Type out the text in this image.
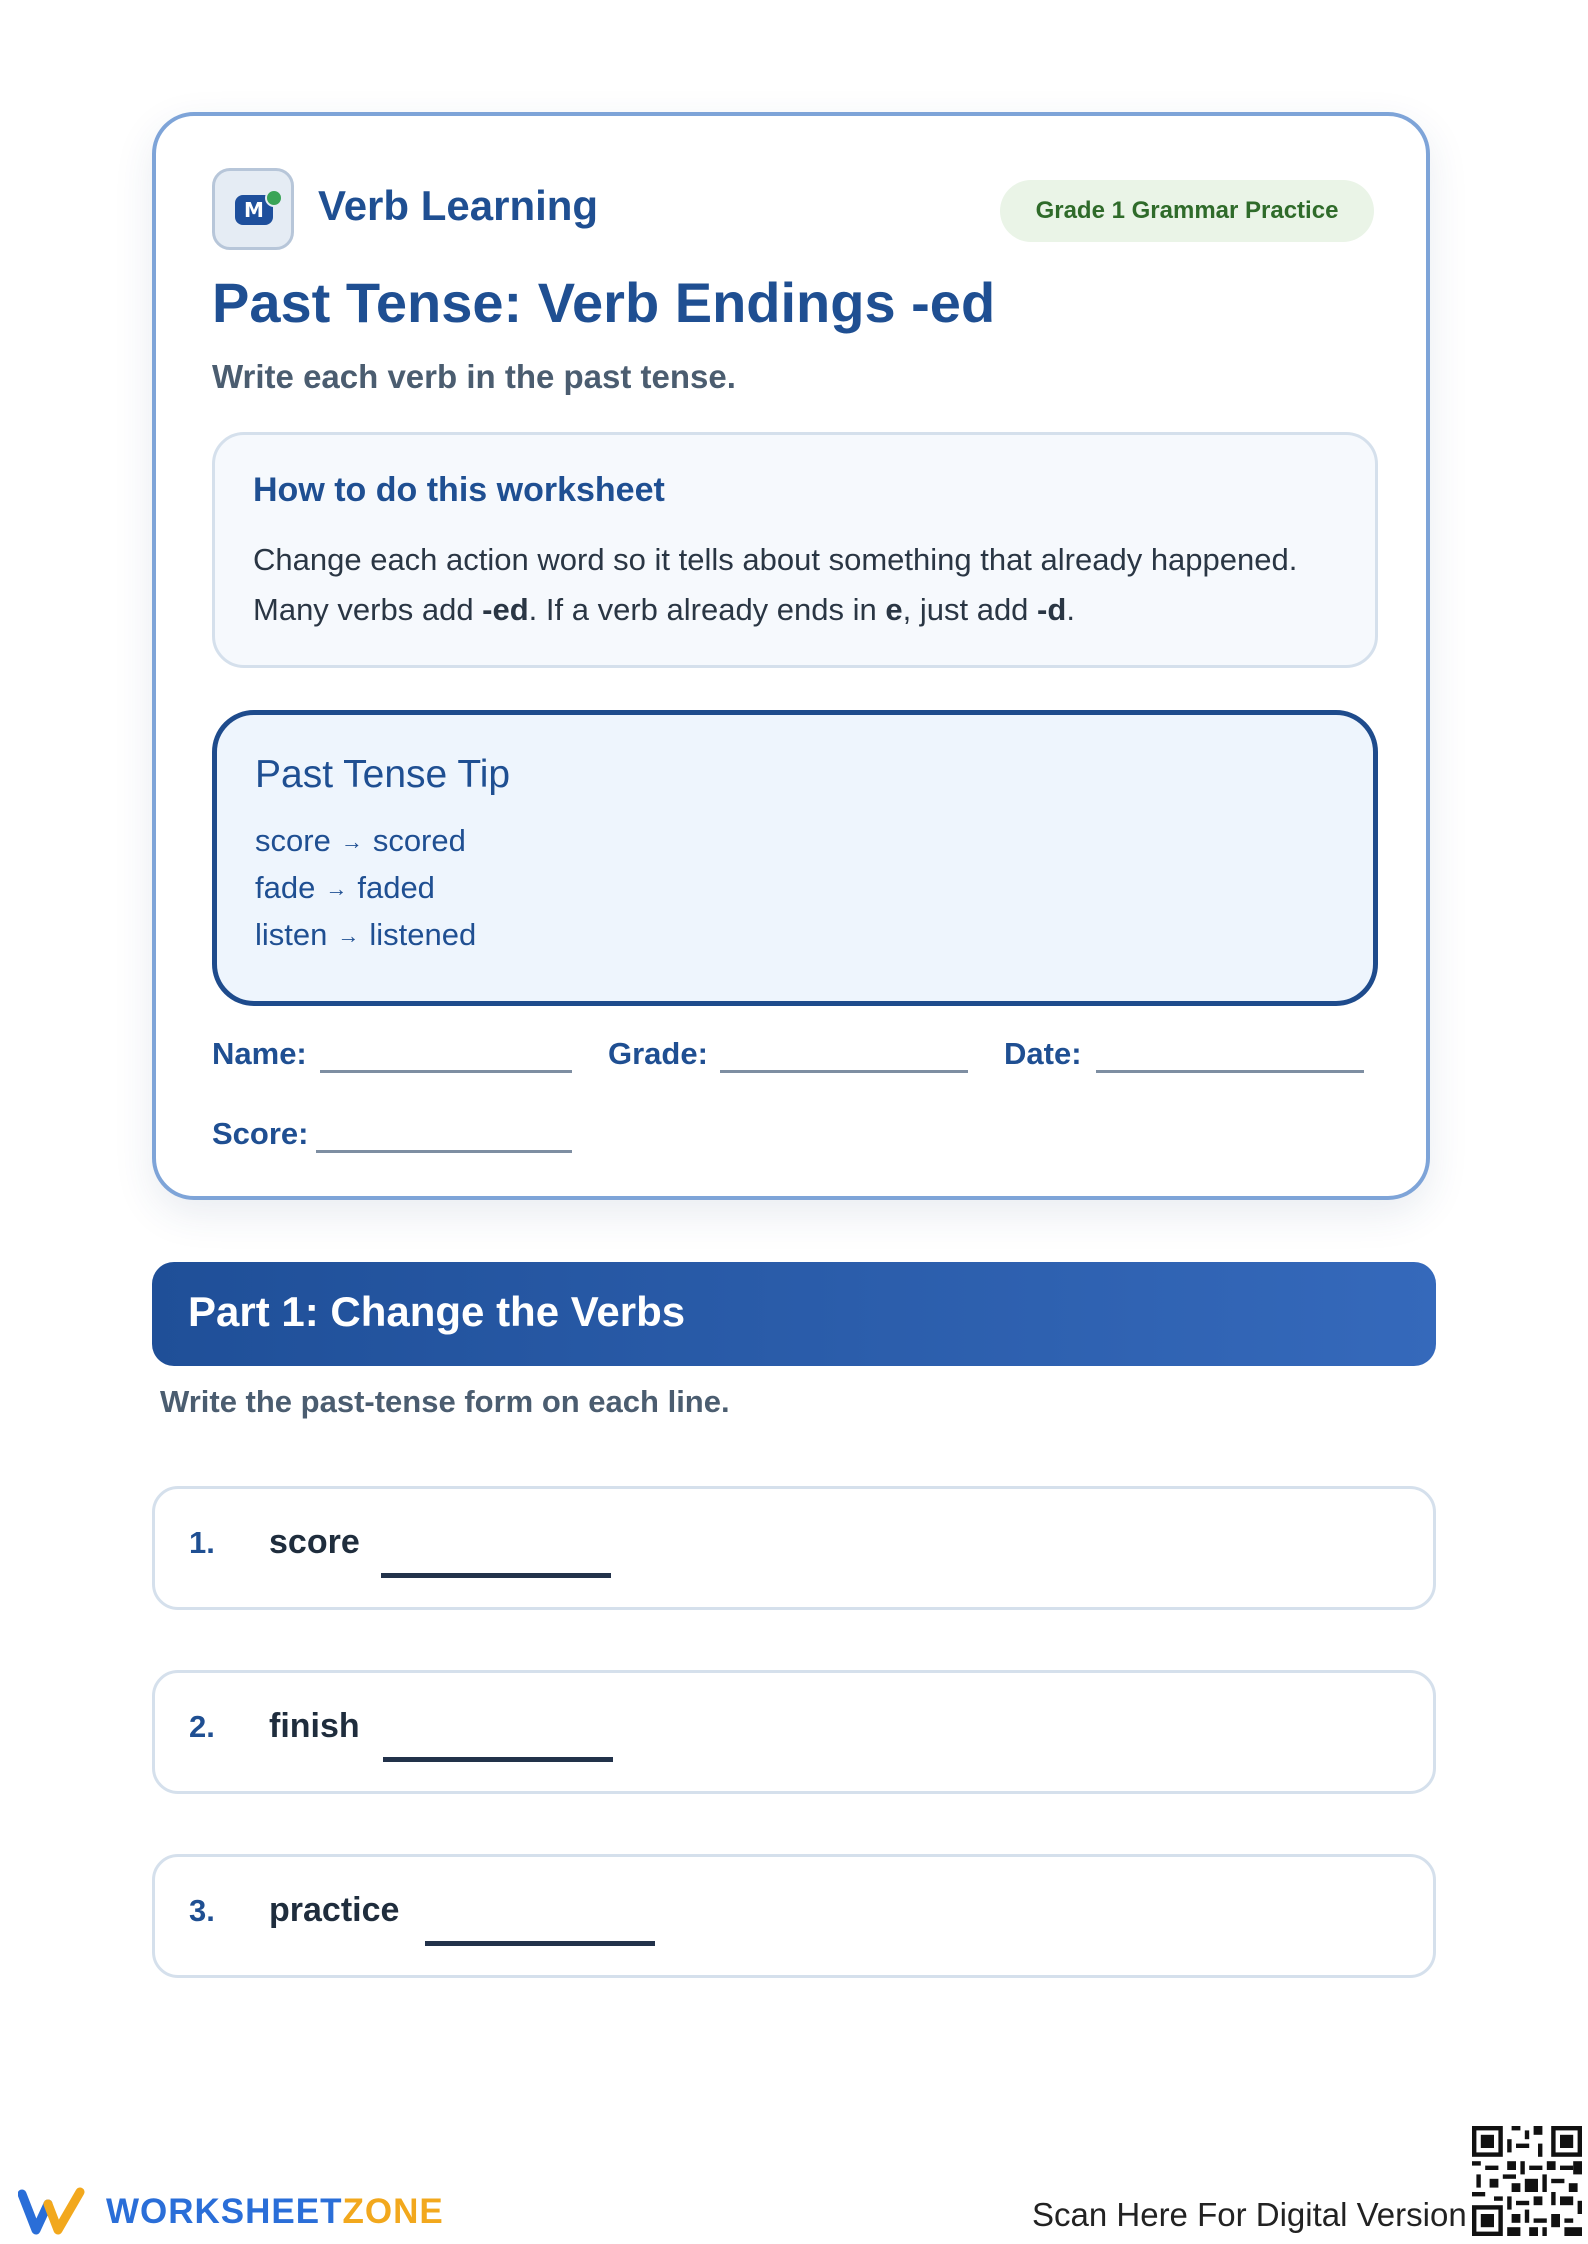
M Verb Learning	Grade 1 Grammar Practice
Past Tense: Verb Endings -ed
Write each verb in the past tense.
How to do this worksheet
Change each action word so it tells about something that already happened. Many verbs add -ed. If a verb already ends in e, just add -d.
Past Tense Tip
score → scored
fade → faded
listen → listened
Name:	Grade:	Date:
Score:
Part 1: Change the Verbs
Write the past-tense form on each line.
1. score
2. finish
3. practice
WORKSHEETZONE	Scan Here For Digital Version
